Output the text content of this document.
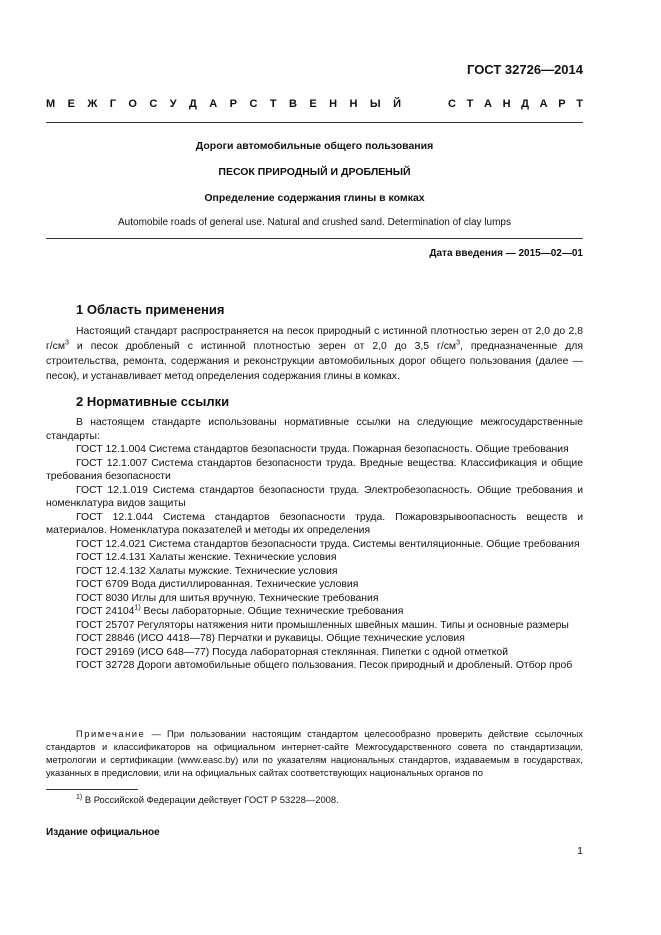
ГОСТ 32726—2014
М Е Ж Г О С У Д А Р С Т В Е Н Н Ы Й	С Т А Н Д А Р Т
Дороги автомобильные общего пользования
ПЕСОК ПРИРОДНЫЙ И ДРОБЛЕНЫЙ
Определение содержания глины в комках
Automobile roads of general use. Natural and crushed sand. Determination of clay lumps
Дата введения — 2015—02—01
1 Область применения

Настоящий стандарт распространяется на песок природный с истинной плотностью зерен от 2,0 до 2,8 $г/см^3$ и песок дробленый с истинной плотностью зерен от 2,0 до 3,5 $г/см^3$, предназначенные для строительства, ремонта, содержания и реконструкции автомобильных дорог общего пользования (далее — песок), и устанавливает метод определения содержания глины в комках.

2 Нормативные ссылки

В настоящем стандарте использованы нормативные ссылки на следующие межгосударственные стандарты:

ГОСТ 12.1.004 Система стандартов безопасности труда. Пожарная безопасность. Общие требования

ГОСТ 12.1.007 Система стандартов безопасности труда. Вредные вещества. Классификация и общие требования безопасности

ГОСТ 12.1.019 Система стандартов безопасности труда. Электробезопасность. Общие требования и номенклатура видов защиты

ГОСТ 12.1.044 Система стандартов безопасности труда. Пожаровзрывоопасность веществ и материалов. Номенклатура показателей и методы их определения

ГОСТ 12.4.021 Система стандартов безопасности труда. Системы вентиляционные. Общие требования

ГОСТ 12.4.131 Халаты женские. Технические условия

ГОСТ 12.4.132 Халаты мужские. Технические условия

ГОСТ 6709 Вода дистиллированная. Технические условия

ГОСТ 8030 Иглы для шитья вручную. Технические требования

ГОСТ 24104$^{1)}$ Весы лабораторные. Общие технические требования

ГОСТ 25707 Регуляторы натяжения нити промышленных швейных машин. Типы и основные размеры

ГОСТ 28846 (ИСО 4418—78) Перчатки и рукавицы. Общие технические условия

ГОСТ 29169 (ИСО 648—77) Посуда лабораторная стеклянная. Пипетки с одной отметкой

ГОСТ 32728 Дороги автомобильные общего пользования. Песок природный и дробленый. Отбор проб

Примечание — При пользовании настоящим стандартом целесообразно проверить действие ссылочных стандартов и классификаторов на официальном интернет-сайте Межгосударственного совета по стандартизации, метрологии и сертификации (www.easc.by) или по указателям национальных стандартов, издаваемым в государствах, указанных в предисловии, или на официальных сайтах соответствующих национальных органов по

$^{1)}$ В Российской Федерации действует ГОСТ Р 53228—2008.
Издание официальное
1
